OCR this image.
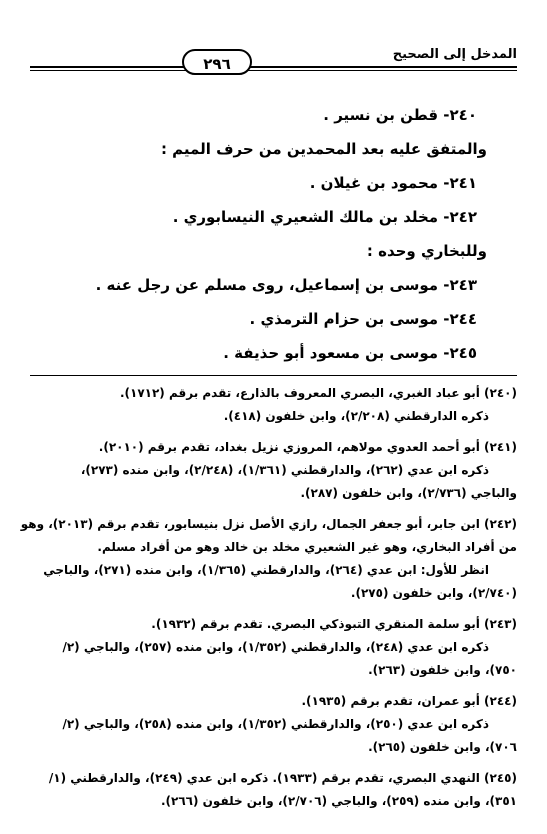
المدخل إلى الصحيح
٢٩٦
٢٤٠- قطن بن نسير .
والمتفق عليه بعد المحمدين من حرف الميم :
٢٤١- محمود بن غيلان .
٢٤٢- مخلد بن مالك الشعيري النيسابوري .
وللبخاري وحده :
٢٤٣- موسى بن إسماعيل، روى مسلم عن رجل عنه .
٢٤٤- موسى بن حزام الترمذي .
٢٤٥- موسى بن مسعود أبو حذيفة .
(٢٤٠) أبو عباد الغبري، البصري المعروف بالذارع، تقدم برقم (١٧١٢).
ذكره الدارقطني (٢/٢٠٨)، وابن خلفون (٤١٨).
(٢٤١) أبو أحمد العدوي مولاهم، المروزي نزيل بغداد، تقدم برقم (٢٠١٠).
ذكره ابن عدي (٢٦٢)، والدارقطني (١/٣٦١)، (٢/٢٤٨)، وابن منده (٢٧٣)،
والباجي (٢/٧٣٦)، وابن خلفون (٢٨٧).
(٢٤٢) ابن جابر، أبو جعفر الجمال، رازي الأصل نزل بنيسابور، تقدم برقم (٢٠١٣)، وهو
من أفراد البخاري، وهو غير الشعيري مخلد بن خالد وهو من أفراد مسلم.
انظر للأول: ابن عدي (٢٦٤)، والدارقطني (١/٣٦٥)، وابن منده (٢٧١)، والباجي
(٢/٧٤٠)، وابن خلفون (٢٧٥).
(٢٤٣) أبو سلمة المنقري التبوذكي البصري. تقدم برقم (١٩٣٢).
ذكره ابن عدي (٢٤٨)، والدارقطني (١/٣٥٢)، وابن منده (٢٥٧)، والباجي (٢/
٧٥٠)، وابن خلفون (٢٦٣).
(٢٤٤) أبو عمران، تقدم برقم (١٩٣٥).
ذكره ابن عدي (٢٥٠)، والدارقطني (١/٣٥٢)، وابن منده (٢٥٨)، والباجي (٢/
٧٠٦)، وابن خلفون (٢٦٥).
(٢٤٥) النهدي البصري، تقدم برقم (١٩٣٣). ذكره ابن عدي (٢٤٩)، والدارقطني (١/
٣٥١)، وابن منده (٢٥٩)، والباجي (٢/٧٠٦)، وابن خلفون (٢٦٦).
